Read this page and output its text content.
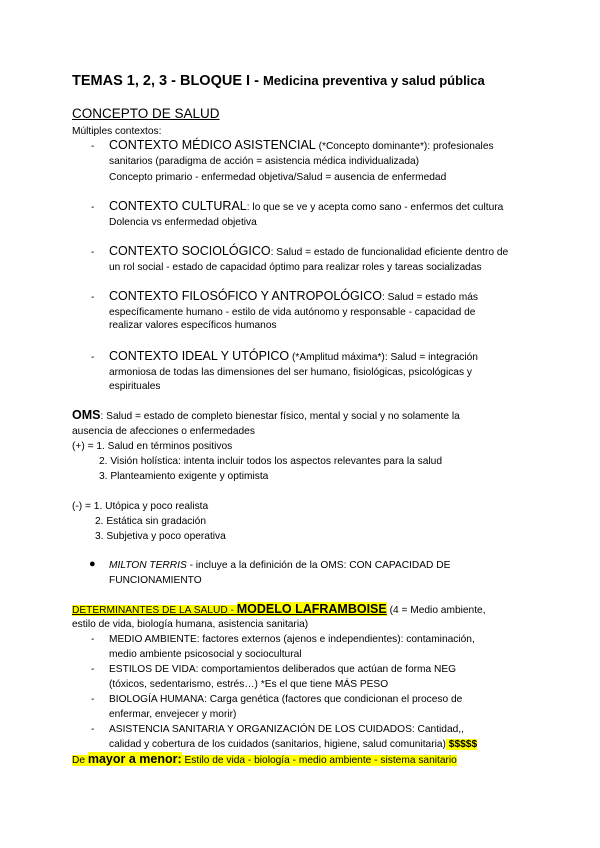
TEMAS 1, 2, 3 - BLOQUE I - Medicina preventiva y salud pública
CONCEPTO DE SALUD
Múltiples contextos:
- CONTEXTO MÉDICO ASISTENCIAL (*Concepto dominante*): profesionales
sanitarios (paradigma de acción = asistencia médica individualizada)
Concepto primario - enfermedad objetiva/Salud = ausencia de enfermedad
- CONTEXTO CULTURAL: lo que se ve y acepta como sano - enfermos det cultura
Dolencia vs enfermedad objetiva
- CONTEXTO SOCIOLÓGICO: Salud = estado de funcionalidad eficiente dentro de
un rol social - estado de capacidad óptimo para realizar roles y tareas socializadas
- CONTEXTO FILOSÓFICO Y ANTROPOLÓGICO: Salud = estado más
específicamente humano - estilo de vida autónomo y responsable - capacidad de
realizar valores específicos humanos
- CONTEXTO IDEAL Y UTÓPICO (*Amplitud máxima*): Salud = integración
armoniosa de todas las dimensiones del ser humano, fisiológicas, psicológicas y
espirituales
OMS: Salud = estado de completo bienestar físico, mental y social y no solamente la
ausencia de afecciones o enfermedades
(+) = 1. Salud en términos positivos
2. Visión holística: intenta incluir todos los aspectos relevantes para la salud
3. Planteamiento exigente y optimista
(-) = 1. Utópica y poco realista
2. Estática sin gradación
3. Subjetiva y poco operativa
● MILTON TERRIS - incluye a la definición de la OMS: CON CAPACIDAD DE
FUNCIONAMIENTO
DETERMINANTES DE LA SALUD - MODELO LAFRAMBOISE (4 = Medio ambiente,
estilo de vida, biología humana, asistencia sanitaria)
- MEDIO AMBIENTE: factores externos (ajenos e independientes): contaminación,
medio ambiente psicosocial y sociocultural
- ESTILOS DE VIDA: comportamientos deliberados que actúan de forma NEG
(tóxicos, sedentarismo, estrés…) *Es el que tiene MÁS PESO
- BIOLOGÍA HUMANA: Carga genética (factores que condicionan el proceso de
enfermar, envejecer y morir)
- ASISTENCIA SANITARIA Y ORGANIZACIÓN DE LOS CUIDADOS: Cantidad,,
calidad y cobertura de los cuidados (sanitarios, higiene, salud comunitaria) $$$$$
De mayor a menor: Estilo de vida - biología - medio ambiente - sistema sanitario
